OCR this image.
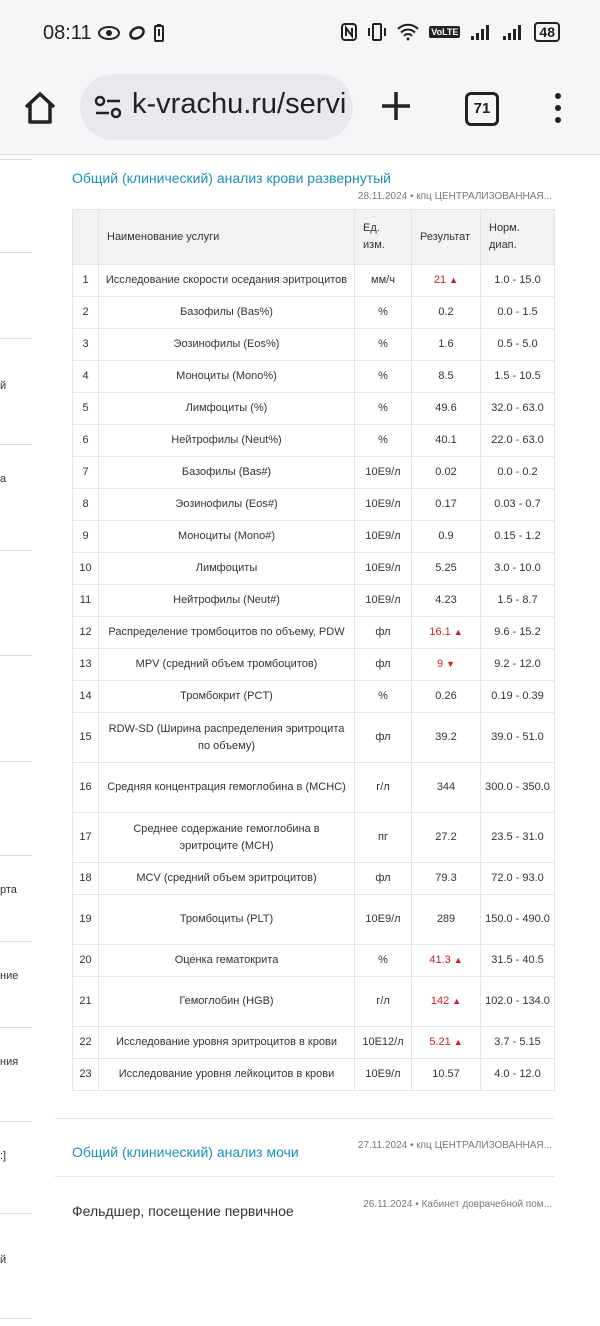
08:11	VoLTE	48
k-vrachu.ru/servi	71
й
а
рта
ние
ния
:]
й
Общий (клинический) анализ крови развернутый
28.11.2024 • кпц ЦЕНТРАЛИЗОВАННАЯ...
	Наименование услуги	Ед. изм.	Результат	Норм. диап.
1	Исследование скорости оседания эритроцитов	мм/ч	21 ▲	1.0 - 15.0
2	Базофилы (Bas%)	%	0.2	0.0 - 1.5
3	Эозинофилы (Eos%)	%	1.6	0.5 - 5.0
4	Моноциты (Mono%)	%	8.5	1.5 - 10.5
5	Лимфоциты (%)	%	49.6	32.0 - 63.0
6	Нейтрофилы (Neut%)	%	40.1	22.0 - 63.0
7	Базофилы (Bas#)	10E9/л	0.02	0.0 - 0.2
8	Эозинофилы (Eos#)	10E9/л	0.17	0.03 - 0.7
9	Моноциты (Mono#)	10E9/л	0.9	0.15 - 1.2
10	Лимфоциты	10E9/л	5.25	3.0 - 10.0
11	Нейтрофилы (Neut#)	10E9/л	4.23	1.5 - 8.7
12	Распределение тромбоцитов по объему, PDW	фл	16.1 ▲	9.6 - 15.2
13	MPV (средний объем тромбоцитов)	фл	9 ▼	9.2 - 12.0
14	Тромбокрит (PCT)	%	0.26	0.19 - 0.39
15	RDW-SD (Ширина распределения эритроцита по объему)	фл	39.2	39.0 - 51.0
16	Средняя концентрация гемоглобина в (MCHC)	г/л	344	300.0 - 350.0
17	Среднее содержание гемоглобина в эритроците (MCH)	пг	27.2	23.5 - 31.0
18	MCV (средний объем эритроцитов)	фл	79.3	72.0 - 93.0
19	Тромбоциты (PLT)	10E9/л	289	150.0 - 490.0
20	Оценка гематокрита	%	41.3 ▲	31.5 - 40.5
21	Гемоглобин (HGB)	г/л	142 ▲	102.0 - 134.0
22	Исследование уровня эритроцитов в крови	10E12/л	5.21 ▲	3.7 - 5.15
23	Исследование уровня лейкоцитов в крови	10E9/л	10.57	4.0 - 12.0
Общий (клинический) анализ мочи	27.11.2024 • кпц ЦЕНТРАЛИЗОВАННАЯ...
Фельдшер, посещение первичное	26.11.2024 • Кабинет доврачебной пом...
